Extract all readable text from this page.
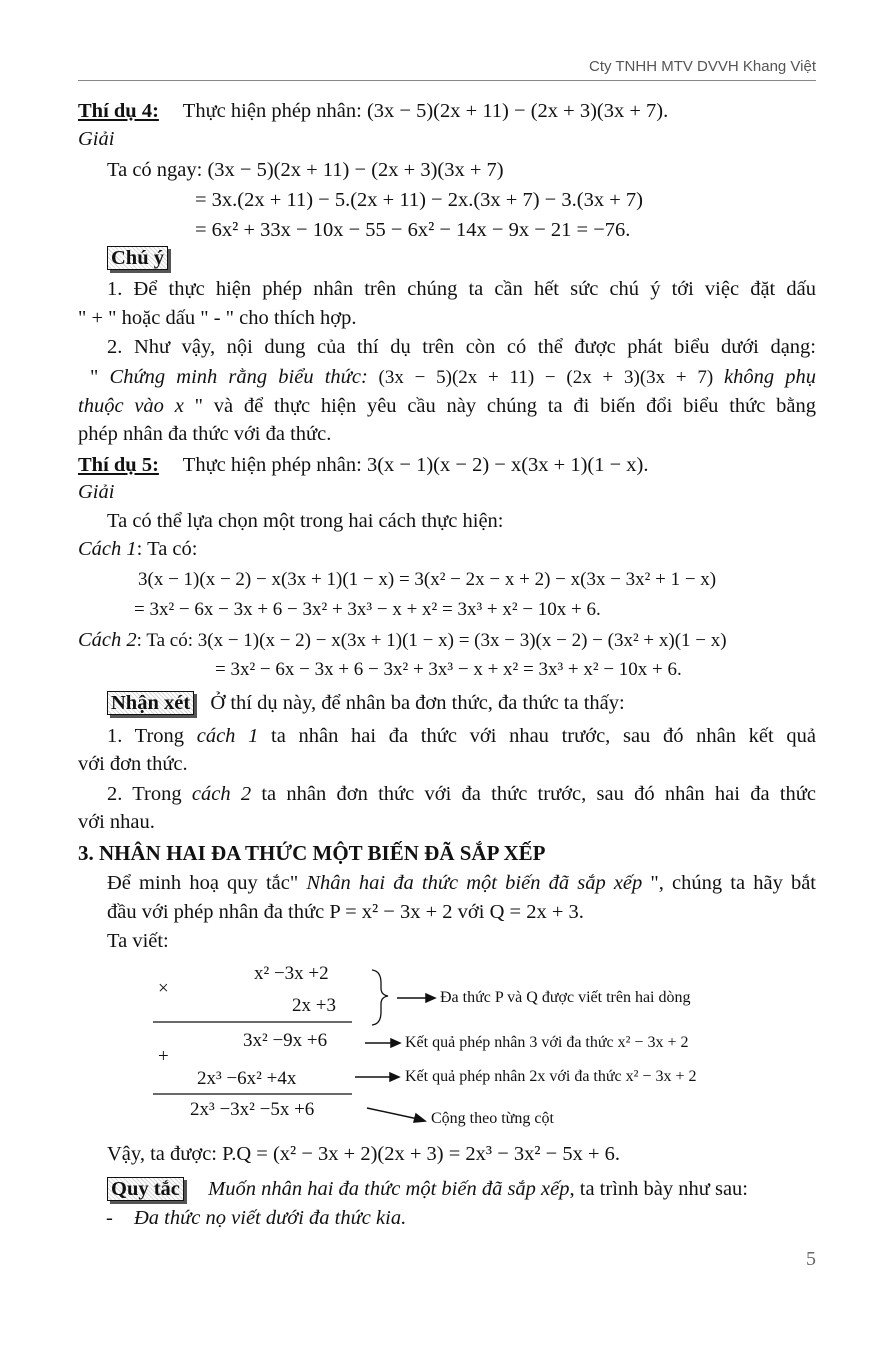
Cty TNHH MTV DVVH Khang Việt
Thí dụ 4: Thực hiện phép nhân: (3x − 5)(2x + 11) − (2x + 3)(3x + 7).
Giải
Ta có ngay: (3x − 5)(2x + 11) − (2x + 3)(3x + 7)
= 3x.(2x + 11) − 5.(2x + 11) − 2x.(3x + 7) − 3.(3x + 7)
= 6x² + 33x − 10x − 55 − 6x² − 14x − 9x − 21 = −76.
Chú ý
1. Để thực hiện phép nhân trên chúng ta cần hết sức chú ý tới việc đặt dấu
" + " hoặc dấu " - " cho thích hợp.
2. Như vậy, nội dung của thí dụ trên còn có thể được phát biểu dưới dạng:
" Chứng minh rằng biểu thức: (3x − 5)(2x + 11) − (2x + 3)(3x + 7) không phụ
thuộc vào x " và để thực hiện yêu cầu này chúng ta đi biến đổi biểu thức bằng
phép nhân đa thức với đa thức.
Thí dụ 5: Thực hiện phép nhân: 3(x − 1)(x − 2) − x(3x + 1)(1 − x).
Giải
Ta có thể lựa chọn một trong hai cách thực hiện:
Cách 1: Ta có:
3(x − 1)(x − 2) − x(3x + 1)(1 − x) = 3(x² − 2x − x + 2) − x(3x − 3x² + 1 − x)
= 3x² − 6x − 3x + 6 − 3x² + 3x³ − x + x² = 3x³ + x² − 10x + 6.
Cách 2: Ta có: 3(x − 1)(x − 2) − x(3x + 1)(1 − x) = (3x − 3)(x − 2) − (3x² + x)(1 − x)
= 3x² − 6x − 3x + 6 − 3x² + 3x³ − x + x² = 3x³ + x² − 10x + 6.
Nhận xét Ở thí dụ này, để nhân ba đơn thức, đa thức ta thấy:
1. Trong cách 1 ta nhân hai đa thức với nhau trước, sau đó nhân kết quả
với đơn thức.
2. Trong cách 2 ta nhân đơn thức với đa thức trước, sau đó nhân hai đa thức
với nhau.
3. NHÂN HAI ĐA THỨC MỘT BIẾN ĐÃ SẮP XẾP
Để minh hoạ quy tắc" Nhân hai đa thức một biến đã sắp xếp ", chúng ta hãy bắt
đầu với phép nhân đa thức P = x² − 3x + 2 với Q = 2x + 3.
Ta viết:
×
x² −3x +2
2x +3
+
3x² −9x +6
2x³ −6x² +4x
2x³ −3x² −5x +6
Đa thức P và Q được viết trên hai dòng
Kết quả phép nhân 3 với đa thức x² − 3x + 2
Kết quả phép nhân 2x với đa thức x² − 3x + 2
Cộng theo từng cột
Vậy, ta được: P.Q = (x² − 3x + 2)(2x + 3) = 2x³ − 3x² − 5x + 6.
Quy tắc Muốn nhân hai đa thức một biến đã sắp xếp, ta trình bày như sau:
- Đa thức nọ viết dưới đa thức kia.
5
